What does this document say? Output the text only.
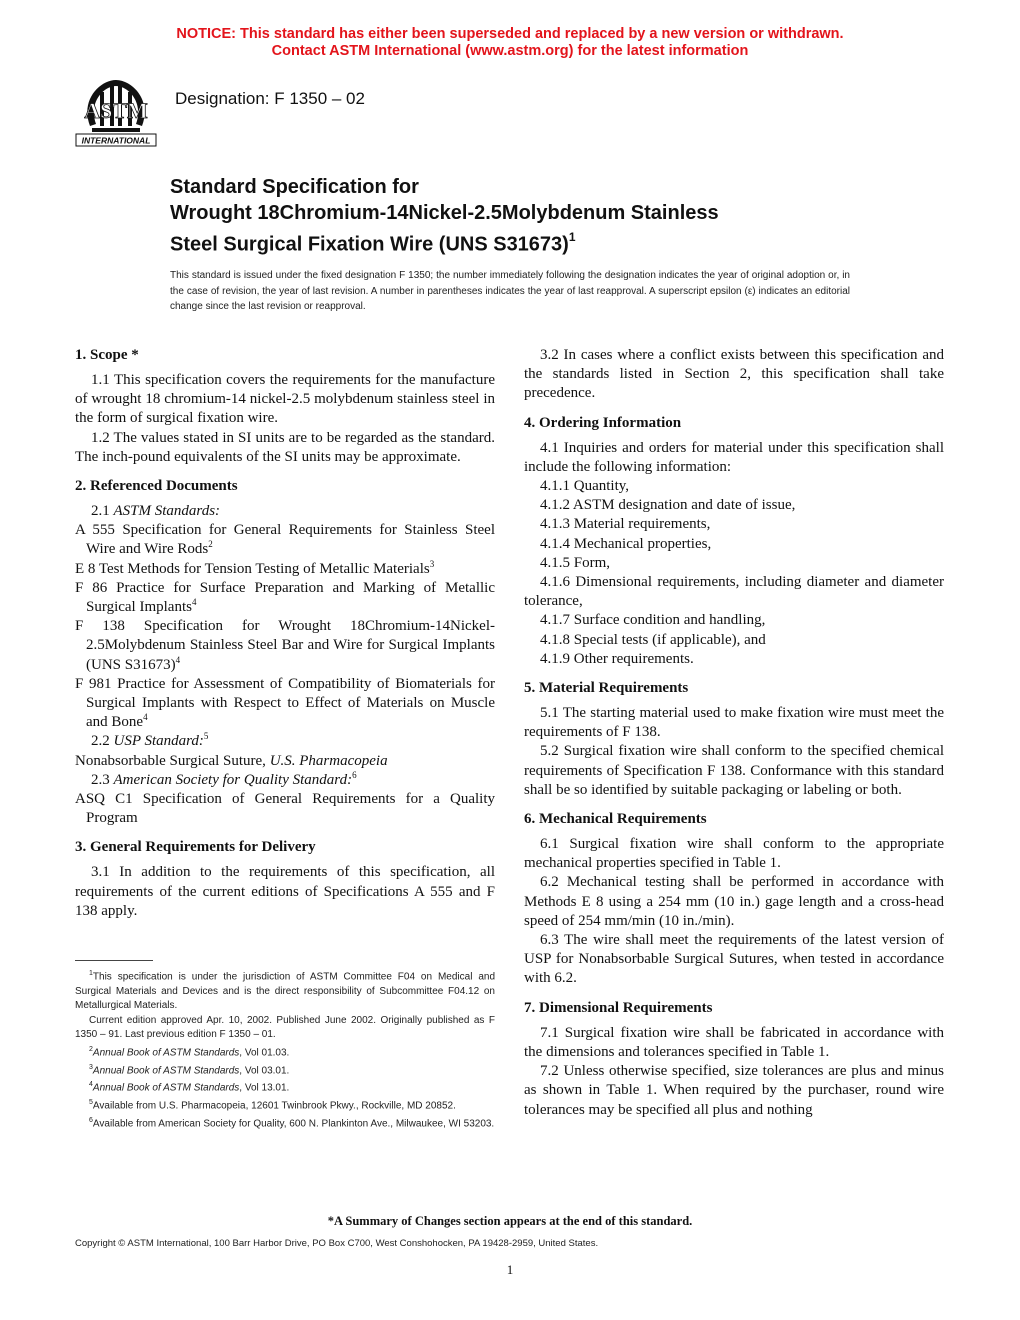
NOTICE: This standard has either been superseded and replaced by a new version or withdrawn.
Contact ASTM International (www.astm.org) for the latest information
ASTM
INTERNATIONAL
Designation: F 1350 – 02
Standard Specification for
Wrought 18Chromium-14Nickel-2.5Molybdenum Stainless
Steel Surgical Fixation Wire (UNS S31673)$^1$
This standard is issued under the fixed designation F 1350; the number immediately following the designation indicates the year of original adoption or, in the case of revision, the year of last revision. A number in parentheses indicates the year of last reapproval. A superscript epsilon (ε) indicates an editorial change since the last revision or reapproval.
1. Scope *

1.1 This specification covers the requirements for the manufacture of wrought 18 chromium-14 nickel-2.5 molybdenum stainless steel in the form of surgical fixation wire.

1.2 The values stated in SI units are to be regarded as the standard. The inch-pound equivalents of the SI units may be approximate.

2. Referenced Documents

2.1 ASTM Standards:

A 555 Specification for General Requirements for Stainless Steel Wire and Wire Rods$^2$

E 8 Test Methods for Tension Testing of Metallic Materials$^3$

F 86 Practice for Surface Preparation and Marking of Metallic Surgical Implants$^4$

F 138 Specification for Wrought 18Chromium-14Nickel-2.5Molybdenum Stainless Steel Bar and Wire for Surgical Implants (UNS S31673)$^4$

F 981 Practice for Assessment of Compatibility of Biomaterials for Surgical Implants with Respect to Effect of Materials on Muscle and Bone$^4$

2.2 USP Standard:$^5$

Nonabsorbable Surgical Suture, U.S. Pharmacopeia

2.3 American Society for Quality Standard:$^6$

ASQ C1 Specification of General Requirements for a Quality Program

3. General Requirements for Delivery

3.1 In addition to the requirements of this specification, all requirements of the current editions of Specifications A 555 and F 138 apply.

$^1$This specification is under the jurisdiction of ASTM Committee F04 on Medical and Surgical Materials and Devices and is the direct responsibility of Subcommittee F04.12 on Metallurgical Materials.

Current edition approved Apr. 10, 2002. Published June 2002. Originally published as F 1350 – 91. Last previous edition F 1350 – 01.

$^2$Annual Book of ASTM Standards, Vol 01.03.

$^3$Annual Book of ASTM Standards, Vol 03.01.

$^4$Annual Book of ASTM Standards, Vol 13.01.

$^5$Available from U.S. Pharmacopeia, 12601 Twinbrook Pkwy., Rockville, MD 20852.

$^6$Available from American Society for Quality, 600 N. Plankinton Ave., Milwaukee, WI 53203.

3.2 In cases where a conflict exists between this specification and the standards listed in Section 2, this specification shall take precedence.

4. Ordering Information

4.1 Inquiries and orders for material under this specification shall include the following information:

4.1.1 Quantity,

4.1.2 ASTM designation and date of issue,

4.1.3 Material requirements,

4.1.4 Mechanical properties,

4.1.5 Form,

4.1.6 Dimensional requirements, including diameter and diameter tolerance,

4.1.7 Surface condition and handling,

4.1.8 Special tests (if applicable), and

4.1.9 Other requirements.

5. Material Requirements

5.1 The starting material used to make fixation wire must meet the requirements of F 138.

5.2 Surgical fixation wire shall conform to the specified chemical requirements of Specification F 138. Conformance with this standard shall be so identified by suitable packaging or labeling or both.

6. Mechanical Requirements

6.1 Surgical fixation wire shall conform to the appropriate mechanical properties specified in Table 1.

6.2 Mechanical testing shall be performed in accordance with Methods E 8 using a 254 mm (10 in.) gage length and a cross-head speed of 254 mm/min (10 in./min).

6.3 The wire shall meet the requirements of the latest version of USP for Nonabsorbable Surgical Sutures, when tested in accordance with 6.2.

7. Dimensional Requirements

7.1 Surgical fixation wire shall be fabricated in accordance with the dimensions and tolerances specified in Table 1.

7.2 Unless otherwise specified, size tolerances are plus and minus as shown in Table 1. When required by the purchaser, round wire tolerances may be specified all plus and nothing

*A Summary of Changes section appears at the end of this standard.
Copyright © ASTM International, 100 Barr Harbor Drive, PO Box C700, West Conshohocken, PA 19428-2959, United States.
1
